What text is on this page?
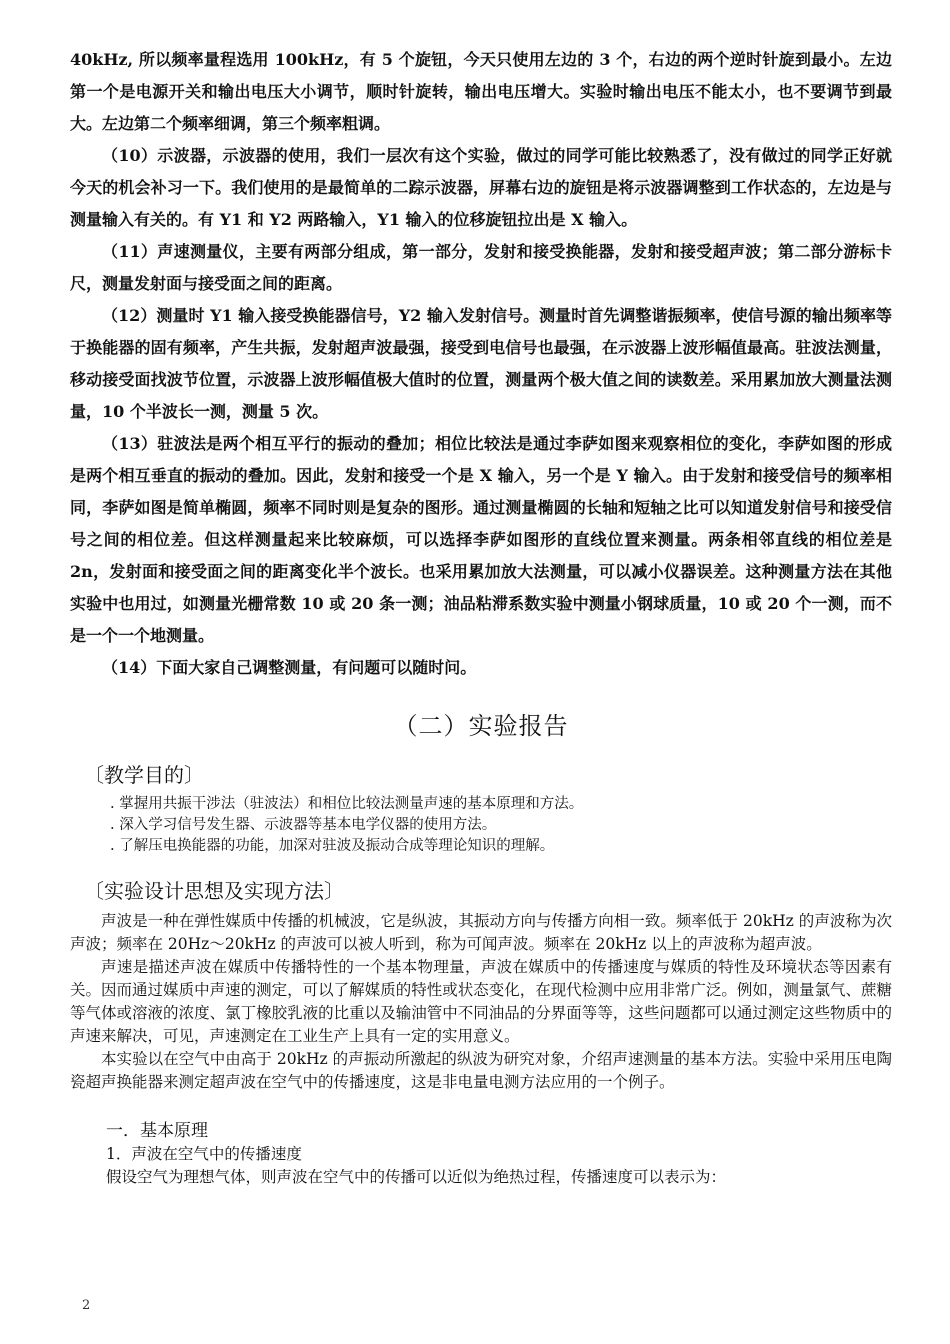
40kHz, 所以频率量程选用 100kHz，有 5 个旋钮，今天只使用左边的 3 个，右边的两个逆时针旋到最小。左边第一个是电源开关和输出电压大小调节，顺时针旋转，输出电压增大。实验时输出电压不能太小，也不要调节到最大。左边第二个频率细调，第三个频率粗调。

（10）示波器，示波器的使用，我们一层次有这个实验，做过的同学可能比较熟悉了，没有做过的同学正好就今天的机会补习一下。我们使用的是最简单的二踪示波器，屏幕右边的旋钮是将示波器调整到工作状态的，左边是与测量输入有关的。有 Y1 和 Y2 两路输入，Y1 输入的位移旋钮拉出是 X 输入。

（11）声速测量仪，主要有两部分组成，第一部分，发射和接受换能器，发射和接受超声波；第二部分游标卡尺，测量发射面与接受面之间的距离。

（12）测量时 Y1 输入接受换能器信号，Y2 输入发射信号。测量时首先调整谐振频率，使信号源的输出频率等于换能器的固有频率，产生共振，发射超声波最强，接受到电信号也最强，在示波器上波形幅值最高。驻波法测量，移动接受面找波节位置，示波器上波形幅值极大值时的位置，测量两个极大值之间的读数差。采用累加放大测量法测量，10 个半波长一测，测量 5 次。

（13）驻波法是两个相互平行的振动的叠加；相位比较法是通过李萨如图来观察相位的变化，李萨如图的形成是两个相互垂直的振动的叠加。因此，发射和接受一个是 X 输入，另一个是 Y 输入。由于发射和接受信号的频率相同，李萨如图是简单椭圆，频率不同时则是复杂的图形。通过测量椭圆的长轴和短轴之比可以知道发射信号和接受信号之间的相位差。但这样测量起来比较麻烦，可以选择李萨如图形的直线位置来测量。两条相邻直线的相位差是 2n，发射面和接受面之间的距离变化半个波长。也采用累加放大法测量，可以减小仪器误差。这种测量方法在其他实验中也用过，如测量光栅常数 10 或 20 条一测；油品粘滞系数实验中测量小钢球质量，10 或 20 个一测，而不是一个一个地测量。

（14）下面大家自己调整测量，有问题可以随时问。

（二）实验报告
〔教学目的〕
. 掌握用共振干涉法（驻波法）和相位比较法测量声速的基本原理和方法。
. 深入学习信号发生器、示波器等基本电学仪器的使用方法。
. 了解压电换能器的功能，加深对驻波及振动合成等理论知识的理解。
〔实验设计思想及实现方法〕

声波是一种在弹性媒质中传播的机械波，它是纵波，其振动方向与传播方向相一致。频率低于 20kHz 的声波称为次声波；频率在 20Hz～20kHz 的声波可以被人听到，称为可闻声波。频率在 20kHz 以上的声波称为超声波。

声速是描述声波在媒质中传播特性的一个基本物理量，声波在媒质中的传播速度与媒质的特性及环境状态等因素有关。因而通过媒质中声速的测定，可以了解媒质的特性或状态变化，在现代检测中应用非常广泛。例如，测量氯气、蔗糖等气体或溶液的浓度、氯丁橡胶乳液的比重以及输油管中不同油品的分界面等等，这些问题都可以通过测定这些物质中的声速来解决，可见，声速测定在工业生产上具有一定的实用意义。

本实验以在空气中由高于 20kHz 的声振动所激起的纵波为研究对象，介绍声速测量的基本方法。实验中采用压电陶瓷超声换能器来测定超声波在空气中的传播速度，这是非电量电测方法应用的一个例子。

一．基本原理

1．声波在空气中的传播速度

假设空气为理想气体，则声波在空气中的传播可以近似为绝热过程，传播速度可以表示为：

2
